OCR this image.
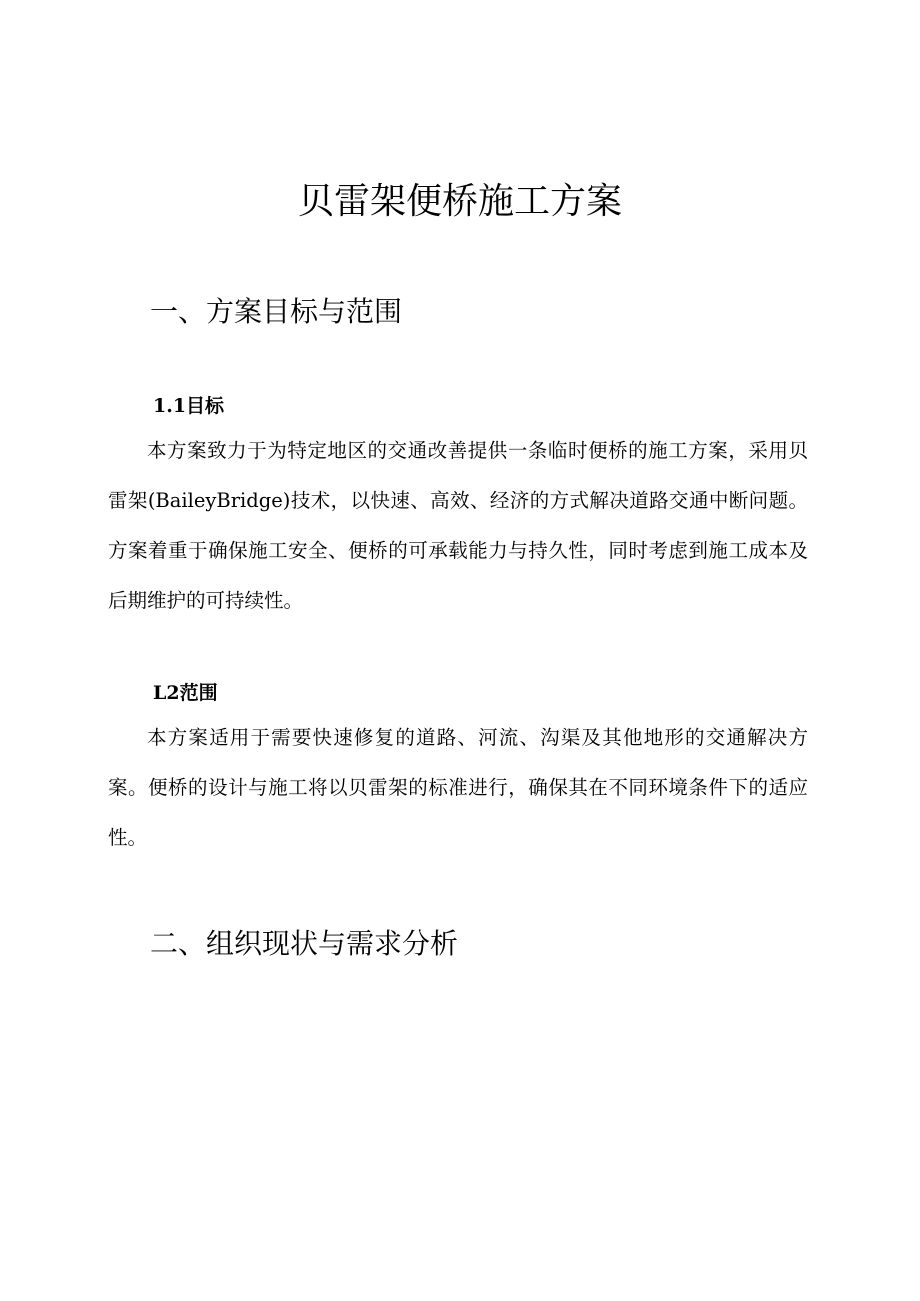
贝雷架便桥施工方案
一、方案目标与范围
1.1目标

本方案致力于为特定地区的交通改善提供一条临时便桥的施工方案，采用贝雷架(BaileyBridge)技术，以快速、高效、经济的方式解决道路交通中断问题。方案着重于确保施工安全、便桥的可承载能力与持久性，同时考虑到施工成本及后期维护的可持续性。

L2范围

本方案适用于需要快速修复的道路、河流、沟渠及其他地形的交通解决方案。便桥的设计与施工将以贝雷架的标准进行，确保其在不同环境条件下的适应性。

二、组织现状与需求分析
